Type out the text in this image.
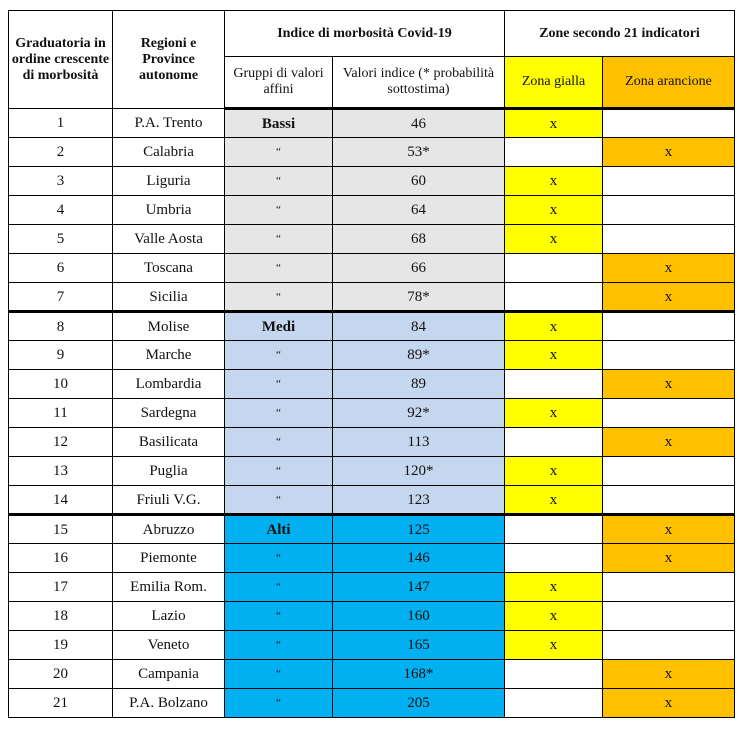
Graduatoria in ordine crescente di morbosità	Regioni e Province autonome	Indice di morbosità Covid-19		Zone secondo 21 indicatori	
		Gruppi di valori affini	Valori indice (* probabilità sottostima)	Zona gialla	Zona arancione
1	P.A. Trento	Bassi	46	x	
2	Calabria	“	53*		x
3	Liguria	“	60	x	
4	Umbria	“	64	x	
5	Valle Aosta	“	68	x	
6	Toscana	“	66		x
7	Sicilia	“	78*		x
8	Molise	Medi	84	x	
9	Marche	“	89*	x	
10	Lombardia	“	89		x
11	Sardegna	“	92*	x	
12	Basilicata	“	113		x
13	Puglia	“	120*	x	
14	Friuli V.G.	“	123	x	
15	Abruzzo	Alti	125		x
16	Piemonte	“	146		x
17	Emilia Rom.	“	147	x	
18	Lazio	“	160	x	
19	Veneto	“	165	x	
20	Campania	“	168*		x
21	P.A. Bolzano	“	205		x
